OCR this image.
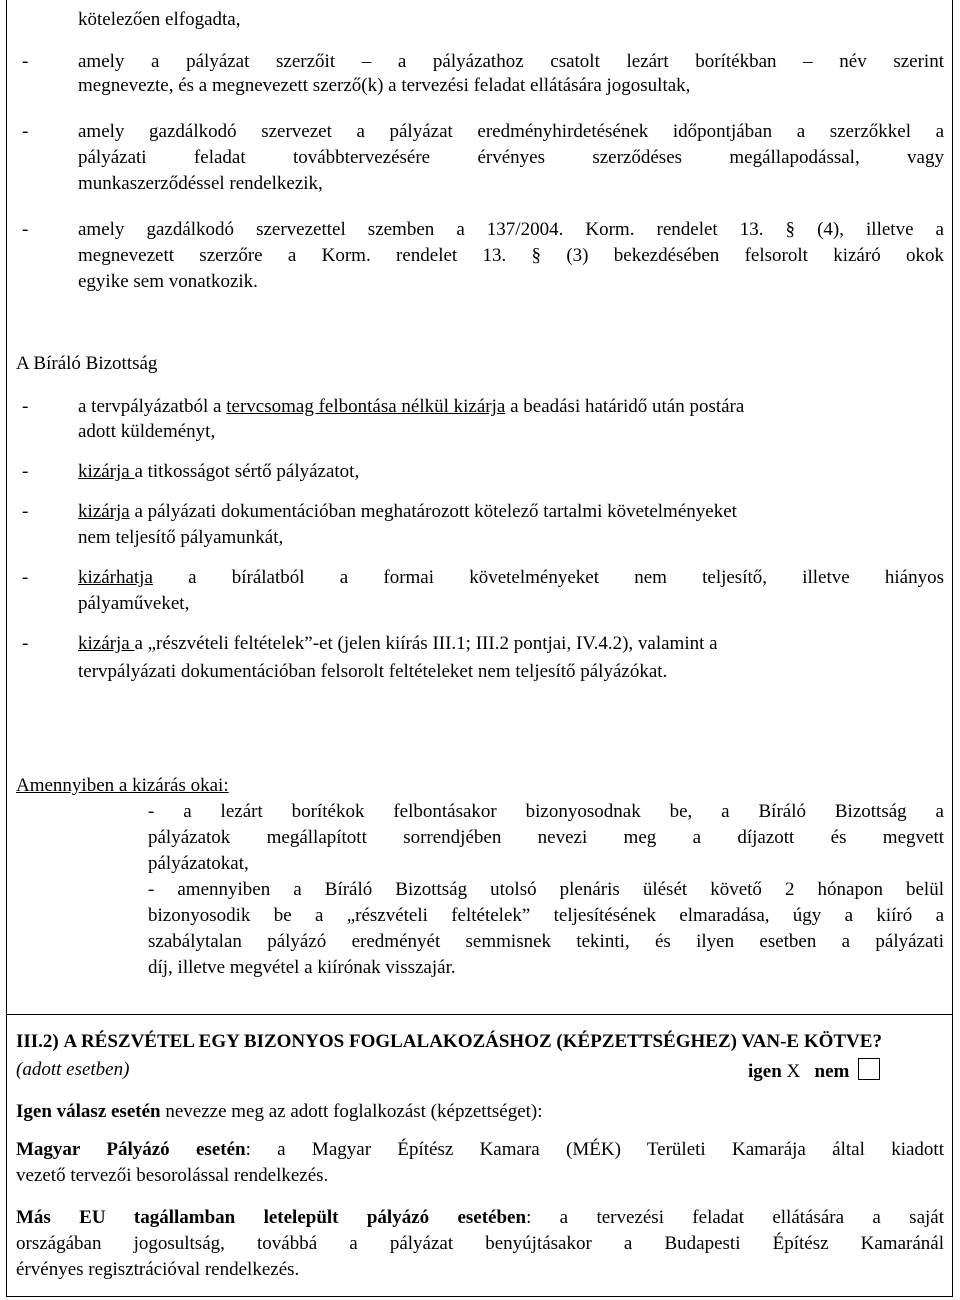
kötelezően elfogadta,
-	amely a pályázat szerzőit – a pályázathoz csatolt lezárt borítékban – név szerint
megnevezte, és a megnevezett szerző(k) a tervezési feladat ellátására jogosultak,
-	amely gazdálkodó szervezet a pályázat eredményhirdetésének időpontjában a szerzőkkel a
pályázati feladat továbbtervezésére érvényes szerződéses megállapodással, vagy
munkaszerződéssel rendelkezik,
-	amely gazdálkodó szervezettel szemben a 137/2004. Korm. rendelet 13. § (4), illetve a
megnevezett szerzőre a Korm. rendelet 13. § (3) bekezdésében felsorolt kizáró okok
egyike sem vonatkozik.
A Bíráló Bizottság
-	a tervpályázatból a tervcsomag felbontása nélkül kizárja a beadási határidő után postára
adott küldeményt,
-	kizárja a titkosságot sértő pályázatot,
-	kizárja a pályázati dokumentációban meghatározott kötelező tartalmi követelményeket
nem teljesítő pályamunkát,
-	kizárhatja a bírálatból a formai követelményeket nem teljesítő, illetve hiányos
pályaműveket,
-	kizárja a „részvételi feltételek”-et (jelen kiírás III.1; III.2 pontjai, IV.4.2), valamint a
tervpályázati dokumentációban felsorolt feltételeket nem teljesítő pályázókat.
Amennyiben a kizárás okai:
- a lezárt borítékok felbontásakor bizonyosodnak be, a Bíráló Bizottság a
pályázatok megállapított sorrendjében nevezi meg a díjazott és megvett
pályázatokat,
- amennyiben a Bíráló Bizottság utolsó plenáris ülését követő 2 hónapon belül
bizonyosodik be a „részvételi feltételek” teljesítésének elmaradása, úgy a kiíró a
szabálytalan pályázó eredményét semmisnek tekinti, és ilyen esetben a pályázati
díj, illetve megvétel a kiírónak visszajár.
III.2) A RÉSZVÉTEL EGY BIZONYOS FOGLALAKOZÁSHOZ (KÉPZETTSÉGHEZ) VAN-E KÖTVE?
(adott esetben)	igen X nem
Igen válasz esetén nevezze meg az adott foglalkozást (képzettséget):
Magyar Pályázó esetén: a Magyar Építész Kamara (MÉK) Területi Kamarája által kiadott
vezető tervezői besorolással rendelkezés.
Más EU tagállamban letelepült pályázó esetében: a tervezési feladat ellátására a saját
országában jogosultság, továbbá a pályázat benyújtásakor a Budapesti Építész Kamaránál
érvényes regisztrációval rendelkezés.
